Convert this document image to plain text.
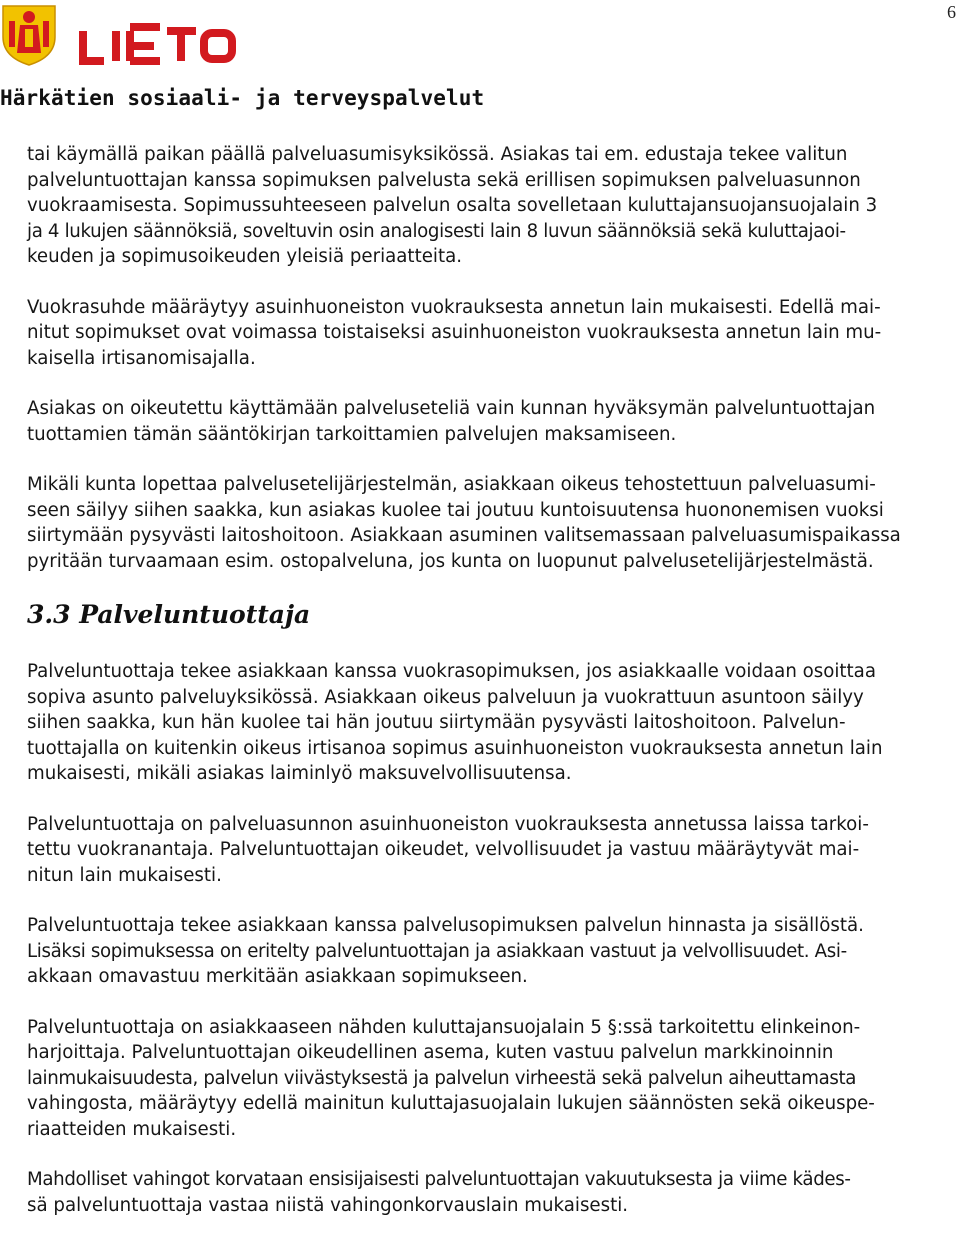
6
LIETO
Härkätien sosiaali- ja terveyspalvelut

tai käymällä paikan päällä palveluasumisyksikössä. Asiakas tai em. edustaja tekee valitun
palveluntuottajan kanssa sopimuksen palvelusta sekä erillisen sopimuksen palveluasunnon
vuokraamisesta. Sopimussuhteeseen palvelun osalta sovelletaan kuluttajansuojansuojalain 3
ja 4 lukujen säännöksiä, soveltuvin osin analogisesti lain 8 luvun säännöksiä sekä kuluttajaoi-
keuden ja sopimusoikeuden yleisiä periaatteita.

Vuokrasuhde määräytyy asuinhuoneiston vuokrauksesta annetun lain mukaisesti. Edellä mai-
nitut sopimukset ovat voimassa toistaiseksi asuinhuoneiston vuokrauksesta annetun lain mu-
kaisella irtisanomisajalla.

Asiakas on oikeutettu käyttämään palveluseteliä vain kunnan hyväksymän palveluntuottajan
tuottamien tämän sääntökirjan tarkoittamien palvelujen maksamiseen.

Mikäli kunta lopettaa palvelusetelijärjestelmän, asiakkaan oikeus tehostettuun palveluasumi-
seen säilyy siihen saakka, kun asiakas kuolee tai joutuu kuntoisuutensa huononemisen vuoksi
siirtymään pysyvästi laitoshoitoon. Asiakkaan asuminen valitsemassaan palveluasumispaikassa
pyritään turvaamaan esim. ostopalveluna, jos kunta on luopunut palvelusetelijärjestelmästä.

3.3 Palveluntuottaja

Palveluntuottaja tekee asiakkaan kanssa vuokrasopimuksen, jos asiakkaalle voidaan osoittaa
sopiva asunto palveluyksikössä. Asiakkaan oikeus palveluun ja vuokrattuun asuntoon säilyy
siihen saakka, kun hän kuolee tai hän joutuu siirtymään pysyvästi laitoshoitoon. Palvelun-
tuottajalla on kuitenkin oikeus irtisanoa sopimus asuinhuoneiston vuokrauksesta annetun lain
mukaisesti, mikäli asiakas laiminlyö maksuvelvollisuutensa.

Palveluntuottaja on palveluasunnon asuinhuoneiston vuokrauksesta annetussa laissa tarkoi-
tettu vuokranantaja. Palveluntuottajan oikeudet, velvollisuudet ja vastuu määräytyvät mai-
nitun lain mukaisesti.

Palveluntuottaja tekee asiakkaan kanssa palvelusopimuksen palvelun hinnasta ja sisällöstä.
Lisäksi sopimuksessa on eritelty palveluntuottajan ja asiakkaan vastuut ja velvollisuudet. Asi-
akkaan omavastuu merkitään asiakkaan sopimukseen.

Palveluntuottaja on asiakkaaseen nähden kuluttajansuojalain 5 §:ssä tarkoitettu elinkeinon-
harjoittaja. Palveluntuottajan oikeudellinen asema, kuten vastuu palvelun markkinoinnin
lainmukaisuudesta, palvelun viivästyksestä ja palvelun virheestä sekä palvelun aiheuttamasta
vahingosta, määräytyy edellä mainitun kuluttajasuojalain lukujen säännösten sekä oikeuspe-
riaatteiden mukaisesti.

Mahdolliset vahingot korvataan ensisijaisesti palveluntuottajan vakuutuksesta ja viime kädes-
sä palveluntuottaja vastaa niistä vahingonkorvauslain mukaisesti.
